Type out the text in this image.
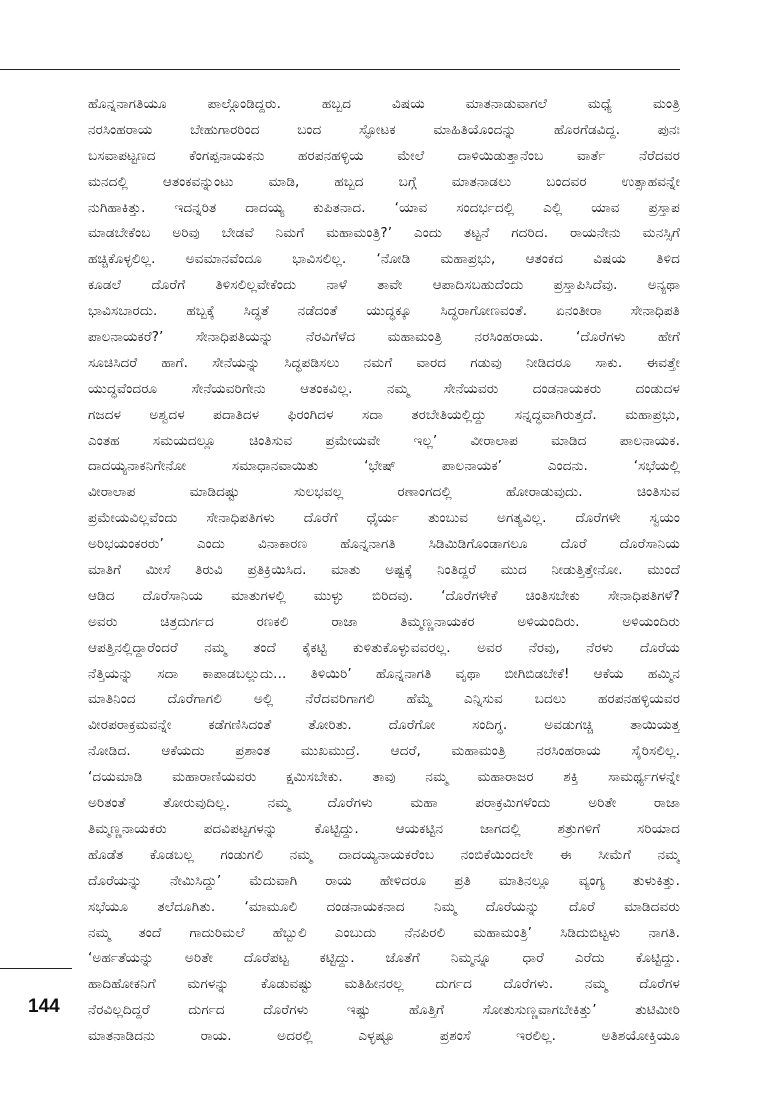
ಹೊನ್ನನಾಗತಿಯೂ ಪಾಲ್ಗೊಂಡಿದ್ದರು. ಹಬ್ಬದ ವಿಷಯ ಮಾತನಾಡುವಾಗಲೆ ಮಧ್ಯೆ ಮಂತ್ರಿ
ನರಸಿಂಹರಾಯ ಬೇಹುಗಾರರಿಂದ ಬಂದ ಸ್ಫೋಟಕ ಮಾಹಿತಿಯೊಂದನ್ನು ಹೊರಗೆಡವಿದ್ದ. ಪುನಃ
ಬಸವಾಪಟ್ಟಣದ ಕೆಂಗಪ್ಪನಾಯಕನು ಹರಪನಹಳ್ಳಿಯ ಮೇಲೆ ದಾಳಿಯಿಡುತ್ತಾನೆಂಬ ವಾರ್ತೆ ನೆರೆದವರ
ಮನದಲ್ಲಿ ಆತಂಕವನ್ನುಂಟು ಮಾಡಿ, ಹಬ್ಬದ ಬಗ್ಗೆ ಮಾತನಾಡಲು ಬಂದವರ ಉತ್ಸಾಹವನ್ನೇ
ನುಗಿಹಾಕಿತ್ತು. ಇದನ್ನರಿತ ದಾದಯ್ಯ ಕುಪಿತನಾದ. ‘ಯಾವ ಸಂದರ್ಭದಲ್ಲಿ ಎಲ್ಲಿ ಯಾವ ಪ್ರಸ್ತಾಪ
ಮಾಡಬೇಕೆಂಬ ಅರಿವು ಬೇಡವೆ ನಿಮಗೆ ಮಹಾಮಂತ್ರಿ?’ ಎಂದು ತಟ್ಟನೆ ಗದರಿದ. ರಾಯನೇನು ಮನಸ್ಸಿಗೆ
ಹಚ್ಚಿಕೊಳ್ಳಲಿಲ್ಲ. ಅವಮಾನವೆಂದೂ ಭಾವಿಸಲಿಲ್ಲ. ‘ನೋಡಿ ಮಹಾಪ್ರಭು, ಆತಂಕದ ವಿಷಯ ತಿಳಿದ
ಕೂಡಲೆ ದೊರೆಗೆ ತಿಳಿಸಲಿಲ್ಲವೇಕೆಂದು ನಾಳೆ ತಾವೇ ಆಪಾದಿಸಬಹುದೆಂದು ಪ್ರಸ್ತಾಪಿಸಿದೆವು. ಅನ್ಯಥಾ
ಭಾವಿಸಬಾರದು. ಹಬ್ಬಕ್ಕೆ ಸಿದ್ಧತೆ ನಡೆದಂತೆ ಯುದ್ಧಕ್ಕೂ ಸಿದ್ಧರಾಗೋಣವಂತೆ. ಏನಂತೀರಾ ಸೇನಾಧಿಪತಿ
ಪಾಲನಾಯಕರೆ?’ ಸೇನಾಧಿಪತಿಯನ್ನು ನೆರವಿಗೆಳೆದ ಮಹಾಮಂತ್ರಿ ನರಸಿಂಹರಾಯ. ‘ದೊರೆಗಳು ಹೇಗೆ
ಸೂಚಿಸಿದರೆ ಹಾಗೆ. ಸೇನೆಯನ್ನು ಸಿದ್ಧಪಡಿಸಲು ನಮಗೆ ವಾರದ ಗಡುವು ನೀಡಿದರೂ ಸಾಕು. ಈವತ್ತೇ
ಯುದ್ಧವೆಂದರೂ ಸೇನೆಯವರಿಗೇನು ಆತಂಕವಿಲ್ಲ. ನಮ್ಮ ಸೇನೆಯವರು ದಂಡನಾಯಕರು ದಂಡುದಳ
ಗಜದಳ ಅಶ್ವದಳ ಪದಾತಿದಳ ಫಿರಂಗಿದಳ ಸದಾ ತರಬೇತಿಯಲ್ಲಿದ್ದು ಸನ್ನದ್ಧವಾಗಿರುತ್ತದೆ. ಮಹಾಪ್ರಭು,
ಎಂತಹ ಸಮಯದಲ್ಲೂ ಚಿಂತಿಸುವ ಪ್ರಮೇಯವೇ ಇಲ್ಲ’ ವೀರಾಲಾಪ ಮಾಡಿದ ಪಾಲನಾಯಕ.
ದಾದಯ್ಯನಾಕನಿಗೇನೋ ಸಮಾಧಾನವಾಯಿತು ‘ಭೇಷ್ ಪಾಲನಾಯಕ’ ಎಂದನು. ‘ಸಭೆಯಲ್ಲಿ
ವೀರಾಲಾಪ ಮಾಡಿದಷ್ಟು ಸುಲಭವಲ್ಲ ರಣಾಂಗದಲ್ಲಿ ಹೋರಾಡುವುದು. ಚಿಂತಿಸುವ
ಪ್ರಮೇಯವಿಲ್ಲವೆಂದು ಸೇನಾಧಿಪತಿಗಳು ದೊರೆಗೆ ಧೈರ್ಯ ತುಂಬುವ ಅಗತ್ಯವಿಲ್ಲ. ದೊರೆಗಳೇ ಸ್ವಯಂ
ಅರಿಭಯಂಕರರು’ ಎಂದು ವಿನಾಕಾರಣ ಹೊನ್ನನಾಗತಿ ಸಿಡಿಮಿಡಿಗೊಂಡಾಗಲೂ ದೊರೆ ದೊರೆಸಾನಿಯ
ಮಾತಿಗೆ ಮೀಸೆ ತಿರುವಿ ಪ್ರತಿಕ್ರಿಯಿಸಿದ. ಮಾತು ಅಷ್ಟಕ್ಕೆ ನಿಂತಿದ್ದರೆ ಮುದ ನೀಡುತ್ತಿತ್ತೇನೋ. ಮುಂದೆ
ಆಡಿದ ದೊರೆಸಾನಿಯ ಮಾತುಗಳಲ್ಲಿ ಮುಳ್ಳು ಬಿರಿದವು. ‘ದೊರೆಗಳೇಕೆ ಚಿಂತಿಸಬೇಕು ಸೇನಾಧಿಪತಿಗಳೆ?
ಅವರು ಚಿತ್ರದುರ್ಗದ ರಣಕಲಿ ರಾಜಾ ತಿಮ್ಮಣ್ಣನಾಯಕರ ಅಳಿಯಂದಿರು. ಅಳಿಯಂದಿರು
ಆಪತ್ತಿನಲ್ಲಿದ್ದಾರೆಂದರೆ ನಮ್ಮ ತಂದೆ ಕೈಕಟ್ಟಿ ಕುಳಿತುಕೊಳ್ಳುವವರಲ್ಲ. ಅವರ ನೆರವು, ನೆರಳು ದೊರೆಯ
ನೆತ್ತಿಯನ್ನು ಸದಾ ಕಾಪಾಡಬಲ್ಲುದು... ತಿಳಿಯಿರಿ’ ಹೊನ್ನನಾಗತಿ ವೃಥಾ ಬೀಗಿಬಿಡಬೇಕೆ! ಆಕೆಯ ಹಮ್ಮಿನ
ಮಾತಿನಿಂದ ದೊರೆಗಾಗಲಿ ಅಲ್ಲಿ ನೆರೆದವರಿಗಾಗಲಿ ಹೆಮ್ಮೆ ಎನ್ನಿಸುವ ಬದಲು ಹರಪನಹಳ್ಳಿಯವರ
ವೀರಪರಾಕ್ರಮವನ್ನೇ ಕಡೆಗಣಿಸಿದಂತೆ ತೋರಿತು. ದೊರೆಗೋ ಸಂದಿಗ್ಧ. ಅವಡುಗಚ್ಚಿ ತಾಯಿಯತ್ತ
ನೋಡಿದ. ಆಕೆಯದು ಪ್ರಶಾಂತ ಮುಖಮುದ್ರೆ. ಆದರೆ, ಮಹಾಮಂತ್ರಿ ನರಸಿಂಹರಾಯ ಸೈರಿಸಲಿಲ್ಲ.
‘ದಯಮಾಡಿ ಮಹಾರಾಣಿಯವರು ಕ್ಷಮಿಸಬೇಕು. ತಾವು ನಮ್ಮ ಮಹಾರಾಜರ ಶಕ್ತಿ ಸಾಮರ್ಥ್ಯಗಳನ್ನೇ
ಅರಿತಂತೆ ತೋರುವುದಿಲ್ಲ. ನಮ್ಮ ದೊರೆಗಳು ಮಹಾ ಪರಾಕ್ರಮಿಗಳೆಂದು ಅರಿತೇ ರಾಜಾ
ತಿಮ್ಮಣ್ಣನಾಯಕರು ಪದವಿಪಟ್ಟಗಳನ್ನು ಕೊಟ್ಟಿದ್ದು. ಆಯಕಟ್ಟಿನ ಜಾಗದಲ್ಲಿ ಶತ್ರುಗಳಿಗೆ ಸರಿಯಾದ
ಹೊಡೆತ ಕೊಡಬಲ್ಲ ಗಂಡುಗಲಿ ನಮ್ಮ ದಾದಯ್ಯನಾಯಕರೆಂಬ ನಂಬಿಕೆಯಿಂದಲೇ ಈ ಸೀಮೆಗೆ ನಮ್ಮ
ದೊರೆಯನ್ನು ನೇಮಿಸಿದ್ದು’ ಮೆದುವಾಗಿ ರಾಯ ಹೇಳಿದರೂ ಪ್ರತಿ ಮಾತಿನಲ್ಲೂ ವ್ಯಂಗ್ಯ ತುಳುಕಿತ್ತು.
ಸಭೆಯೂ ತಲೆದೂಗಿತು. ‘ಮಾಮೂಲಿ ದಂಡನಾಯಕನಾದ ನಿಮ್ಮ ದೊರೆಯನ್ನು ದೊರೆ ಮಾಡಿದವರು
ನಮ್ಮ ತಂದೆ ಗಾದುರಿಮಲೆ ಹೆಬ್ಬುಲಿ ಎಂಬುದು ನೆನಪಿರಲಿ ಮಹಾಮಂತ್ರಿ’ ಸಿಡಿದುಬಿಟ್ಟಳು ನಾಗತಿ.
‘ಅರ್ಹತೆಯನ್ನು ಅರಿತೇ ದೊರೆಪಟ್ಟ ಕಟ್ಟಿದ್ದು. ಜೊತೆಗೆ ನಿಮ್ಮನ್ನೂ ಧಾರೆ ಎರೆದು ಕೊಟ್ಟಿದ್ದು.
ಹಾದಿಹೋಕನಿಗೆ ಮಗಳನ್ನು ಕೊಡುವಷ್ಟು ಮತಿಹೀನರಲ್ಲ ದುರ್ಗದ ದೊರೆಗಳು. ನಮ್ಮ ದೊರೆಗಳ
ನೆರವಿಲ್ಲದಿದ್ದರೆ ದುರ್ಗದ ದೊರೆಗಳು ಇಷ್ಟು ಹೊತ್ತಿಗೆ ಸೋತುಸುಣ್ಣವಾಗಬೇಕಿತ್ತು’ ತುಟಿಮೀರಿ
ಮಾತನಾಡಿದನು ರಾಯ. ಅದರಲ್ಲಿ ಎಳ್ಳಷ್ಟೂ ಪ್ರಶಂಸೆ ಇರಲಿಲ್ಲ. ಅತಿಶಯೋಕ್ತಿಯೂ
144
